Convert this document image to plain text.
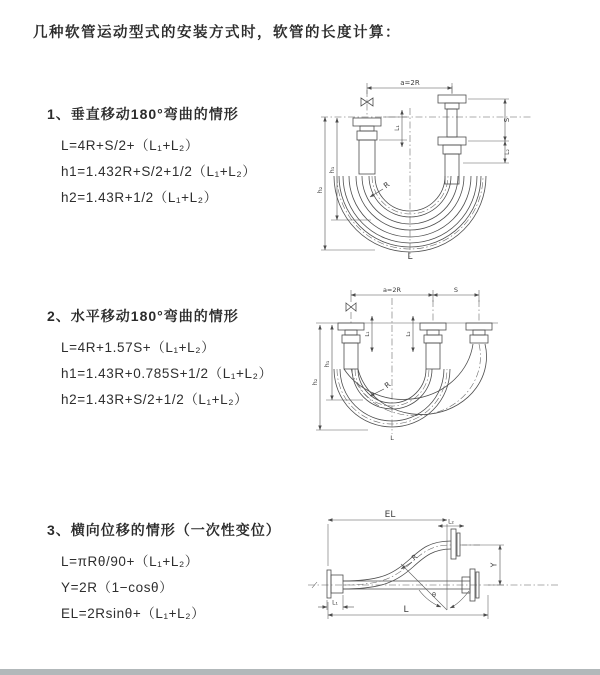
几种软管运动型式的安装方式时，软管的长度计算：
1、垂直移动180°弯曲的情形
L=4R+S/2+（L₁+L₂）
h1=1.432R+S/2+1/2（L₁+L₂）
h2=1.43R+1/2（L₁+L₂）
2、水平移动180°弯曲的情形
L=4R+1.57S+（L₁+L₂）
h1=1.43R+0.785S+1/2（L₁+L₂）
h2=1.43R+S/2+1/2（L₁+L₂）
3、横向位移的情形（一次性变位）
L=πRθ/90+（L₁+L₂）
Y=2R（1−cosθ）
EL=2Rsinθ+（L₁+L₂）
a=2R
L₁
S
L₂
h₁
h₂	R
L
a=2R	S
L₁	L₂
h₁
h₂	R
L
EL
L₂
Y
R
θ
L₁
L
